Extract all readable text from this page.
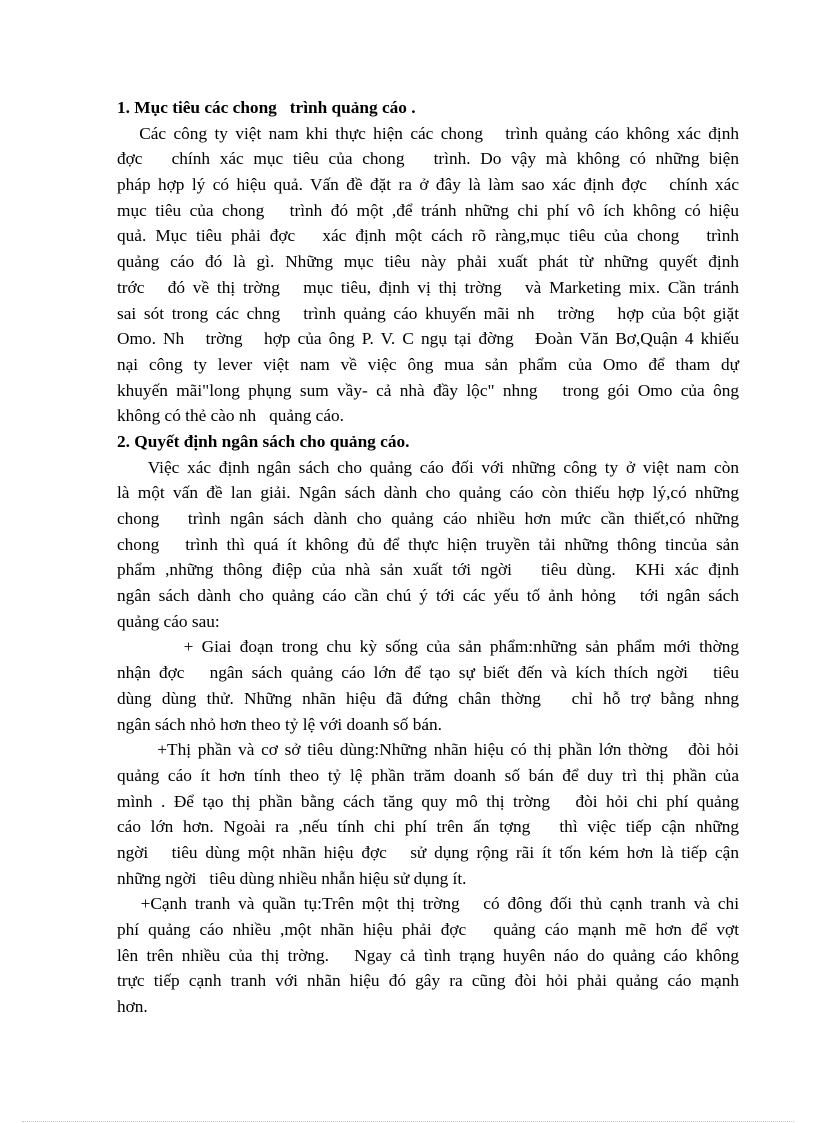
1. Mục tiêu các chong   trình quảng cáo .
Các công ty việt nam khi thực hiện các chong   trình quảng cáo không xác định
đợc   chính xác mục tiêu của chong   trình. Do vậy mà không có những biện
pháp hợp lý có hiệu quả. Vấn đề đặt ra ở đây là làm sao xác định đợc   chính xác
mục tiêu của chong   trình đó một ,để tránh những chi phí vô ích không có hiệu
quả. Mục tiêu phải đợc   xác định một cách rõ ràng,mục tiêu của chong   trình
quảng cáo đó là gì. Những mục tiêu này phải xuất phát từ những quyết định
trớc   đó về thị trờng   mục tiêu, định vị thị trờng   và Marketing mix. Cần tránh
sai sót trong các chng   trình quảng cáo khuyến mãi nh   trờng   hợp của bột giặt
Omo. Nh   trờng   hợp của ông P. V. C ngụ tại đờng   Đoàn Văn Bơ,Quận 4 khiếu
nại công ty lever việt nam về việc ông mua sản phẩm của Omo để tham dự
khuyến mãi"long phụng sum vầy- cả nhà đầy lộc" nhng   trong gói Omo của ông
không có thẻ cào nh   quảng cáo.
2. Quyết định ngân sách cho quảng cáo.
Việc xác định ngân sách cho quảng cáo đối với những công ty ở việt nam còn
là một vấn đề lan giải. Ngân sách dành cho quảng cáo còn thiếu hợp lý,có những
chong   trình ngân sách dành cho quảng cáo nhiều hơn mức cần thiết,có những
chong   trình thì quá ít không đủ để thực hiện truyền tải những thông tincủa sản
phẩm ,những thông điệp của nhà sản xuất tới ngời   tiêu dùng.  KHi xác định
ngân sách dành cho quảng cáo cần chú ý tới các yếu tố ảnh hỏng   tới ngân sách
quảng cáo sau:
+ Giai đoạn trong chu kỳ sống của sản phẩm:những sản phẩm mới thờng
nhận đợc   ngân sách quảng cáo lớn để tạo sự biết đến và kích thích ngời   tiêu
dùng dùng thử. Những nhãn hiệu đã đứng chân thờng   chỉ hỗ trợ bằng nhng
ngân sách nhỏ hơn theo tỷ lệ với doanh số bán.
+Thị phần và cơ sở tiêu dùng:Những nhãn hiệu có thị phần lớn thờng   đòi hỏi
quảng cáo ít hơn tính theo tỷ lệ phần trăm doanh số bán để duy trì thị phần của
mình . Để tạo thị phần bằng cách tăng quy mô thị trờng   đòi hỏi chi phí quảng
cáo lớn hơn. Ngoài ra ,nếu tính chi phí trên ấn tợng   thì việc tiếp cận những
ngời   tiêu dùng một nhãn hiệu đợc   sử dụng rộng rãi ít tốn kém hơn là tiếp cận
những ngời   tiêu dùng nhiều nhẫn hiệu sử dụng ít.
+Cạnh tranh và quần tụ:Trên một thị trờng   có đông đối thủ cạnh tranh và chi
phí quảng cáo nhiều ,một nhãn hiệu phải đợc   quảng cáo mạnh mẽ hơn để vợt
lên trên nhiều của thị trờng.   Ngay cả tình trạng huyên náo do quảng cáo không
trực tiếp cạnh tranh với nhãn hiệu đó gây ra cũng đòi hỏi phải quảng cáo mạnh
hơn.
